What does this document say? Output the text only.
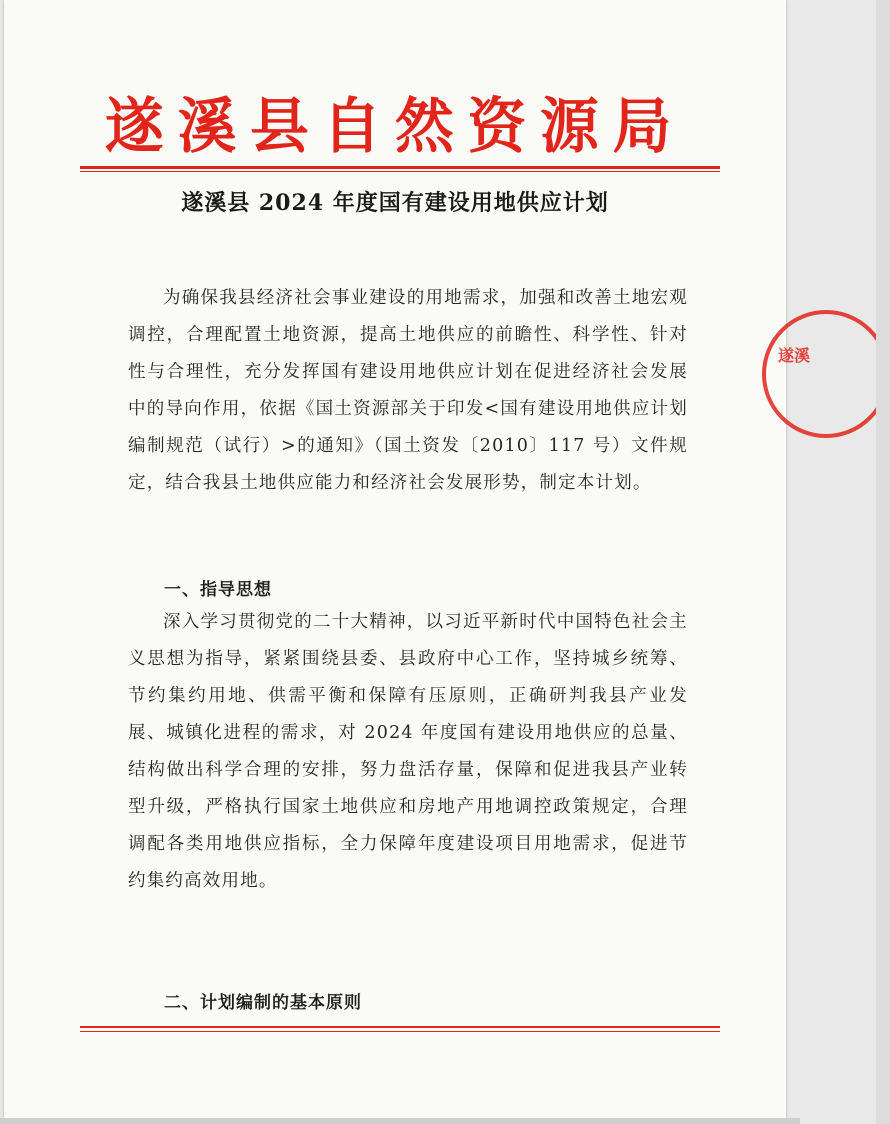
遂溪县自然资源局
遂溪县 2024 年度国有建设用地供应计划
为确保我县经济社会事业建设的用地需求，加强和改善土地宏观调控，合理配置土地资源，提高土地供应的前瞻性、科学性、针对性与合理性，充分发挥国有建设用地供应计划在促进经济社会发展中的导向作用，依据《国土资源部关于印发<国有建设用地供应计划编制规范（试行）>的通知》（国土资发〔2010〕117 号）文件规定，结合我县土地供应能力和经济社会发展形势，制定本计划。
一、指导思想
深入学习贯彻党的二十大精神，以习近平新时代中国特色社会主义思想为指导，紧紧围绕县委、县政府中心工作，坚持城乡统筹、节约集约用地、供需平衡和保障有压原则，正确研判我县产业发展、城镇化进程的需求，对 2024 年度国有建设用地供应的总量、结构做出科学合理的安排，努力盘活存量，保障和促进我县产业转型升级，严格执行国家土地供应和房地产用地调控政策规定，合理调配各类用地供应指标，全力保障年度建设项目用地需求，促进节约集约高效用地。
二、计划编制的基本原则
遂溪
